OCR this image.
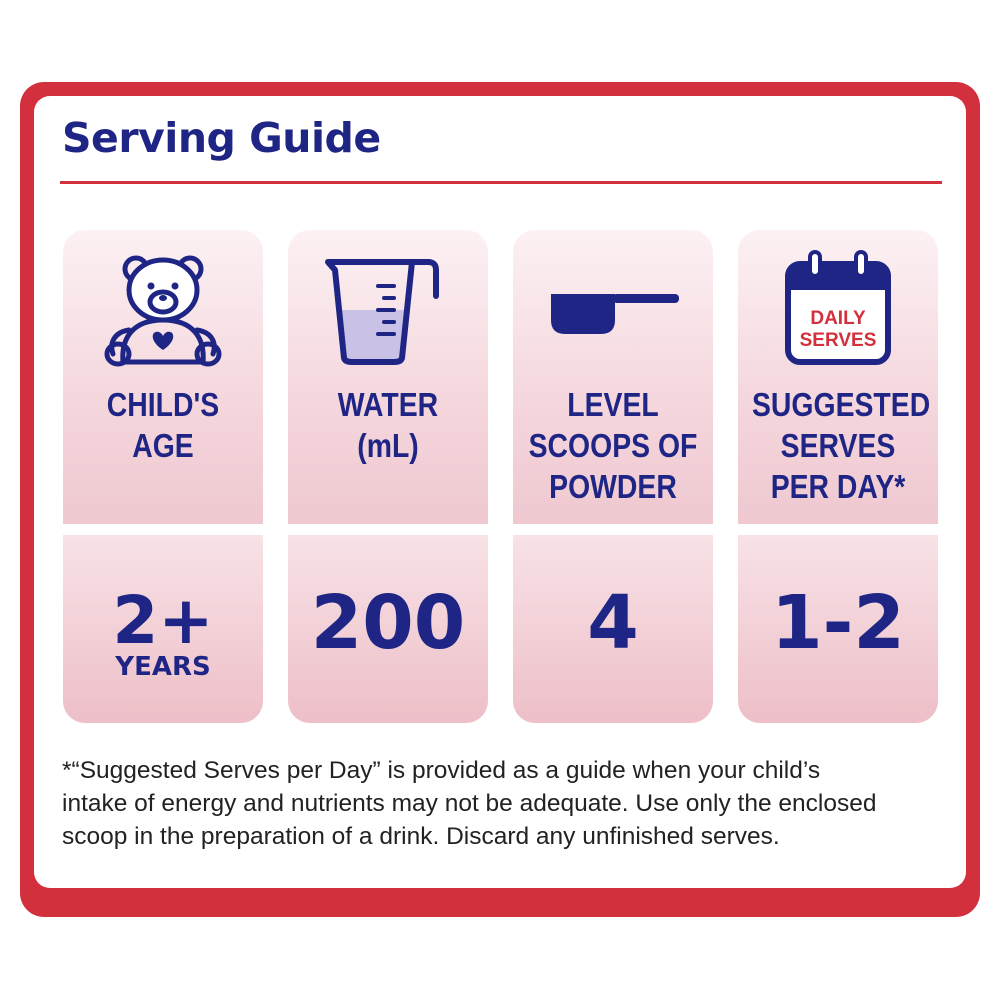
Serving Guide
CHILD'S
AGE
2+
YEARS
WATER
(mL)
200
LEVEL
SCOOPS OF
POWDER
4
DAILY
SERVES
SUGGESTED
SERVES
PER DAY*
1-2

*“Suggested Serves per Day” is provided as a guide when your child’s
intake of energy and nutrients may not be adequate. Use only the enclosed
scoop in the preparation of a drink. Discard any unfinished serves.
